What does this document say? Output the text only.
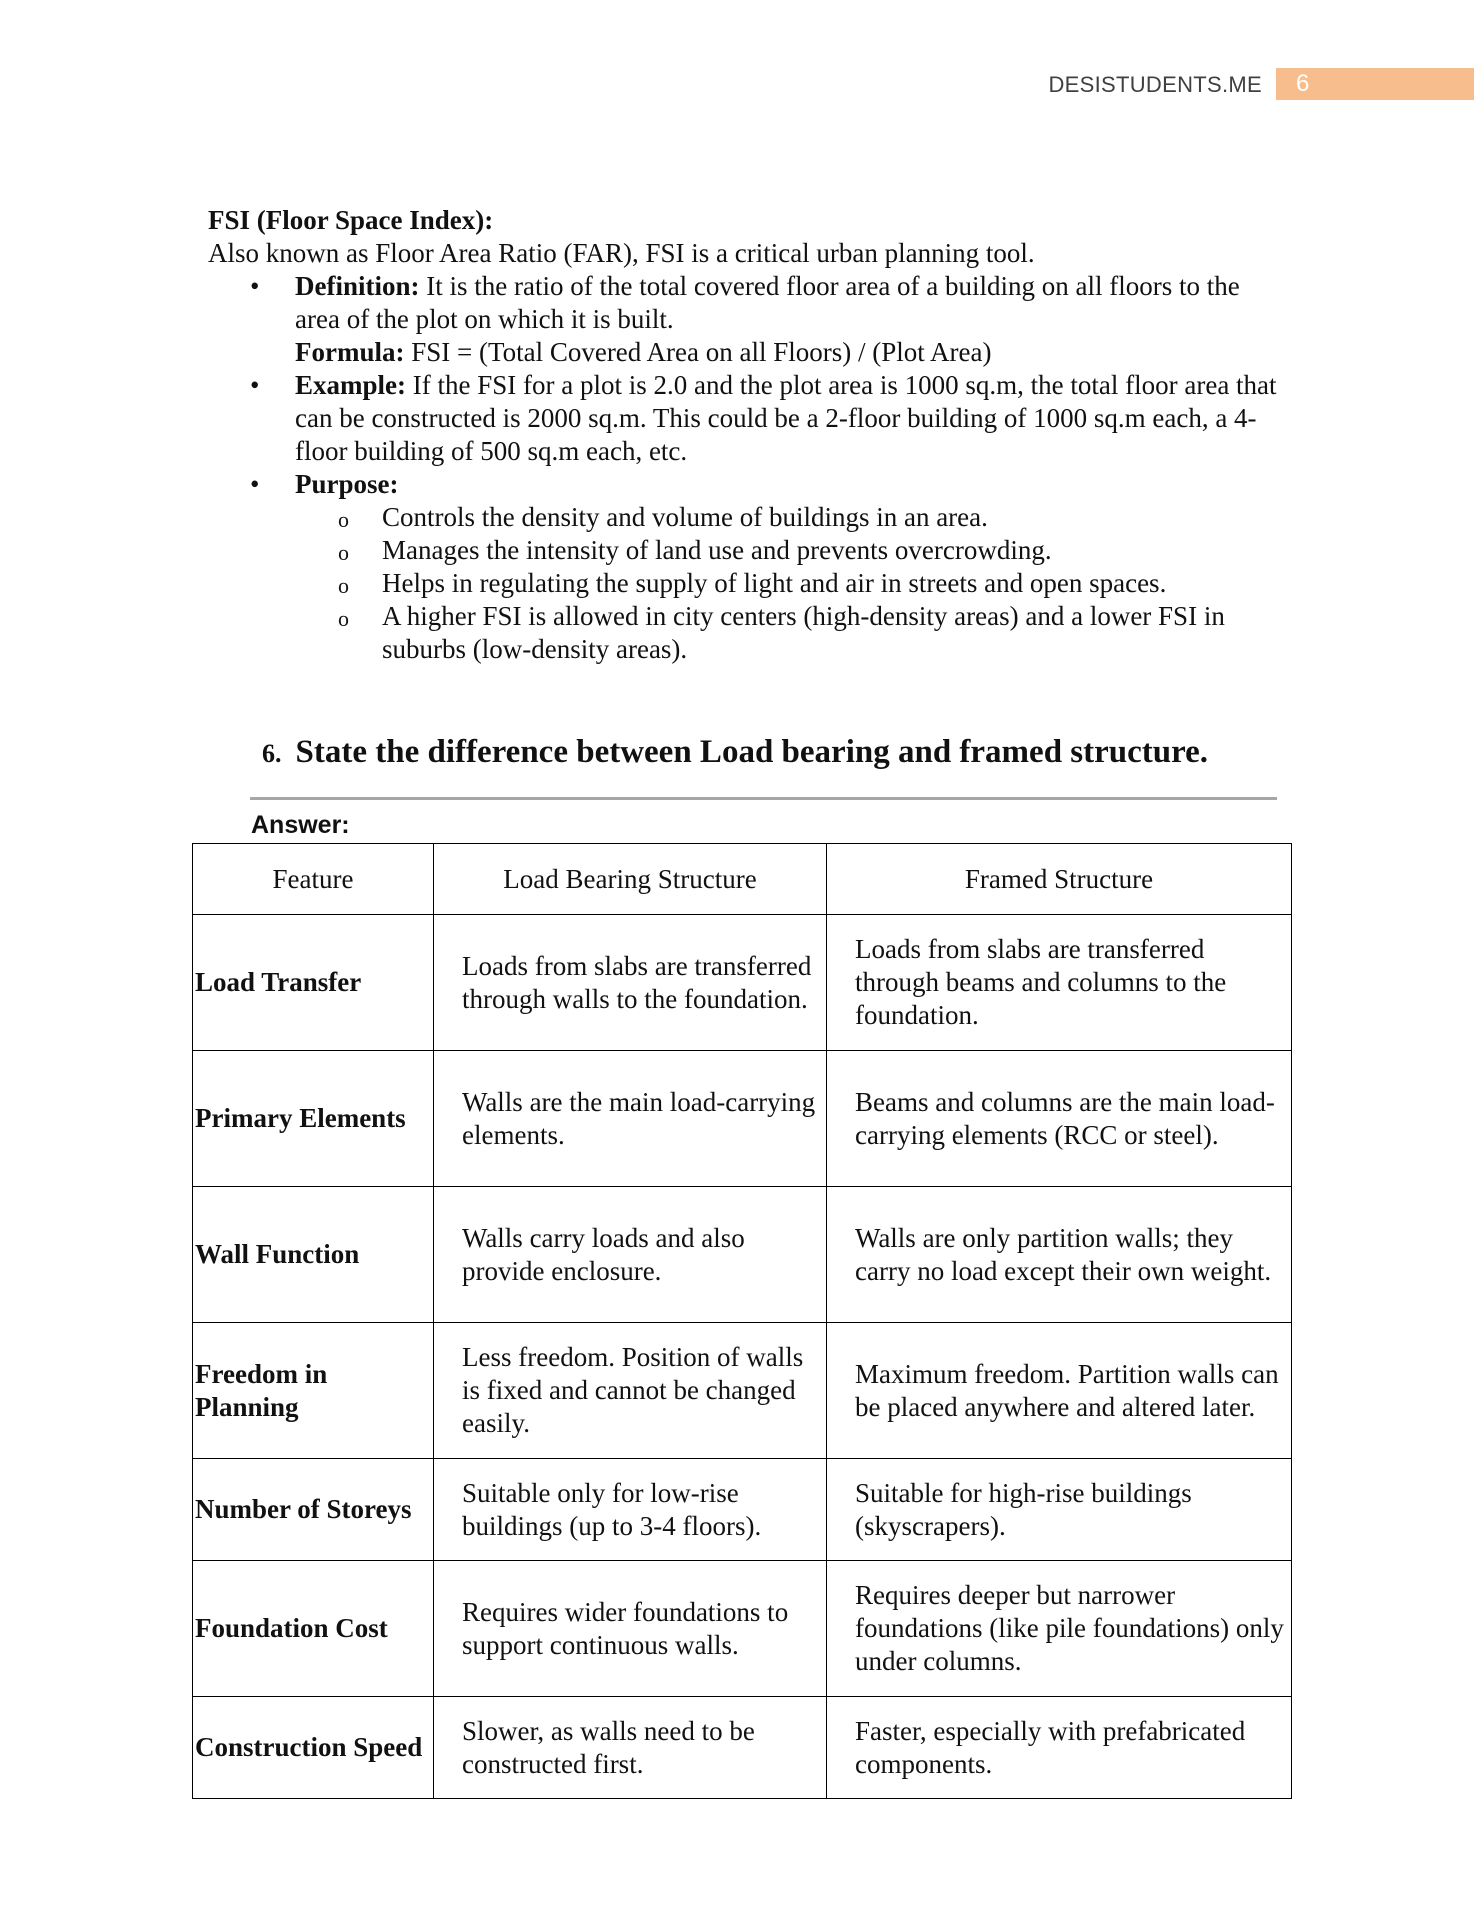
DESISTUDENTS.ME	6
FSI (Floor Space Index):
Also known as Floor Area Ratio (FAR), FSI is a critical urban planning tool.
• Definition: It is the ratio of the total covered floor area of a building on all floors to the area of the plot on which it is built.
Formula: FSI = (Total Covered Area on all Floors) / (Plot Area)
• Example: If the FSI for a plot is 2.0 and the plot area is 1000 sq.m, the total floor area that can be constructed is 2000 sq.m. This could be a 2-floor building of 1000 sq.m each, a 4-floor building of 500 sq.m each, etc.
• Purpose:
o Controls the density and volume of buildings in an area.
o Manages the intensity of land use and prevents overcrowding.
o Helps in regulating the supply of light and air in streets and open spaces.
o A higher FSI is allowed in city centers (high-density areas) and a lower FSI in suburbs (low-density areas).
6. State the difference between Load bearing and framed structure.
Answer:
Feature	Load Bearing Structure	Framed Structure
Load Transfer	Loads from slabs are transferred through walls to the foundation.	Loads from slabs are transferred through beams and columns to the foundation.
Primary Elements	Walls are the main load-carrying elements.	Beams and columns are the main load-carrying elements (RCC or steel).
Wall Function	Walls carry loads and also provide enclosure.	Walls are only partition walls; they carry no load except their own weight.
Freedom in Planning	Less freedom. Position of walls is fixed and cannot be changed easily.	Maximum freedom. Partition walls can be placed anywhere and altered later.
Number of Storeys	Suitable only for low-rise buildings (up to 3-4 floors).	Suitable for high-rise buildings (skyscrapers).
Foundation Cost	Requires wider foundations to support continuous walls.	Requires deeper but narrower foundations (like pile foundations) only under columns.
Construction Speed	Slower, as walls need to be constructed first.	Faster, especially with prefabricated components.
